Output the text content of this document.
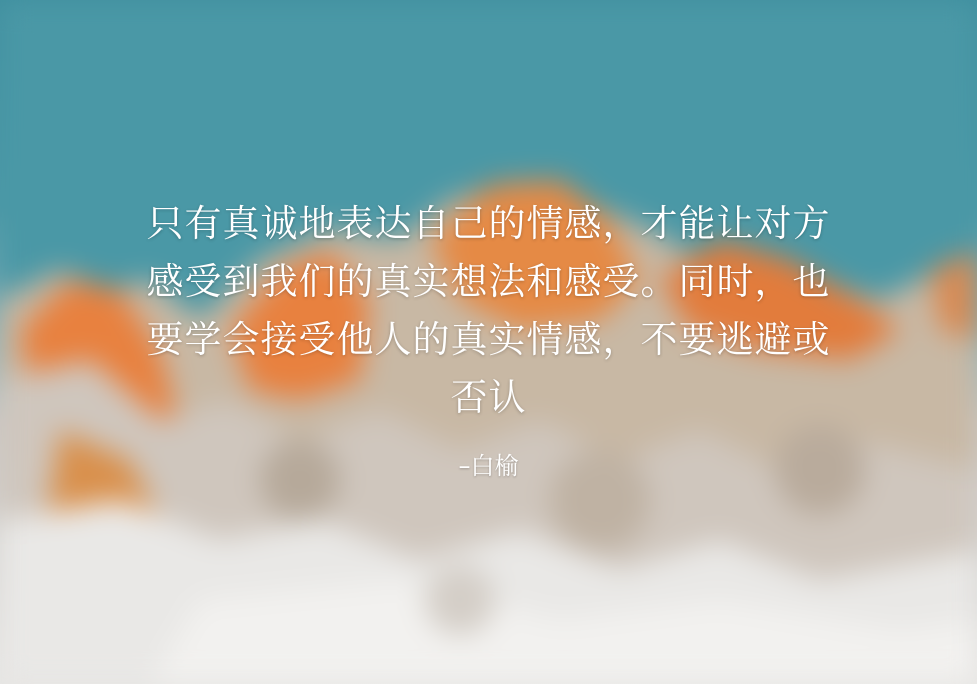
只有真诚地表达自己的情感，才能让对方感受到我们的真实想法和感受。同时，也要学会接受他人的真实情感，不要逃避或否认
–白榆
